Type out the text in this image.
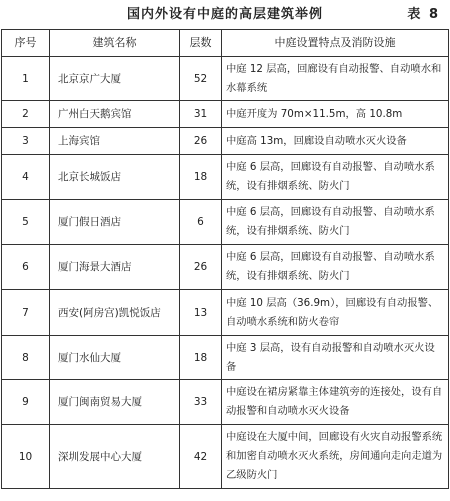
国内外设有中庭的高层建筑举例	表 8
序号	建筑名称	层数	中庭设置特点及消防设施
1	北京京广大厦	52	中庭 12 层高，回廊设有自动报警、自动喷水和水幕系统
2	广州白天鹅宾馆	31	中庭开度为 70m×11.5m，高 10.8m
3	上海宾馆	26	中庭高 13m，回廊设自动喷水灭火设备
4	北京长城饭店	18	中庭 6 层高，回廊设有自动报警、自动喷水系统，设有排烟系统、防火门
5	厦门假日酒店	6	中庭 6 层高，回廊设有自动报警、自动喷水系统，设有排烟系统、防火门
6	厦门海景大酒店	26	中庭 6 层高，回廊设有自动报警、自动喷水系统，设有排烟系统、防火门
7	西安(阿房宫)凯悦饭店	13	中庭 10 层高（36.9m），回廊设有自动报警、自动喷水系统和防火卷帘
8	厦门水仙大厦	18	中庭 3 层高，设有自动报警和自动喷水灭火设备
9	厦门闽南贸易大厦	33	中庭设在裙房紧靠主体建筑旁的连接处，设有自动报警和自动喷水灭火设备
10	深圳发展中心大厦	42	中庭设在大厦中间，回廊设有火灾自动报警系统和加密自动喷水灭火系统，房间通向走向走道为乙级防火门
